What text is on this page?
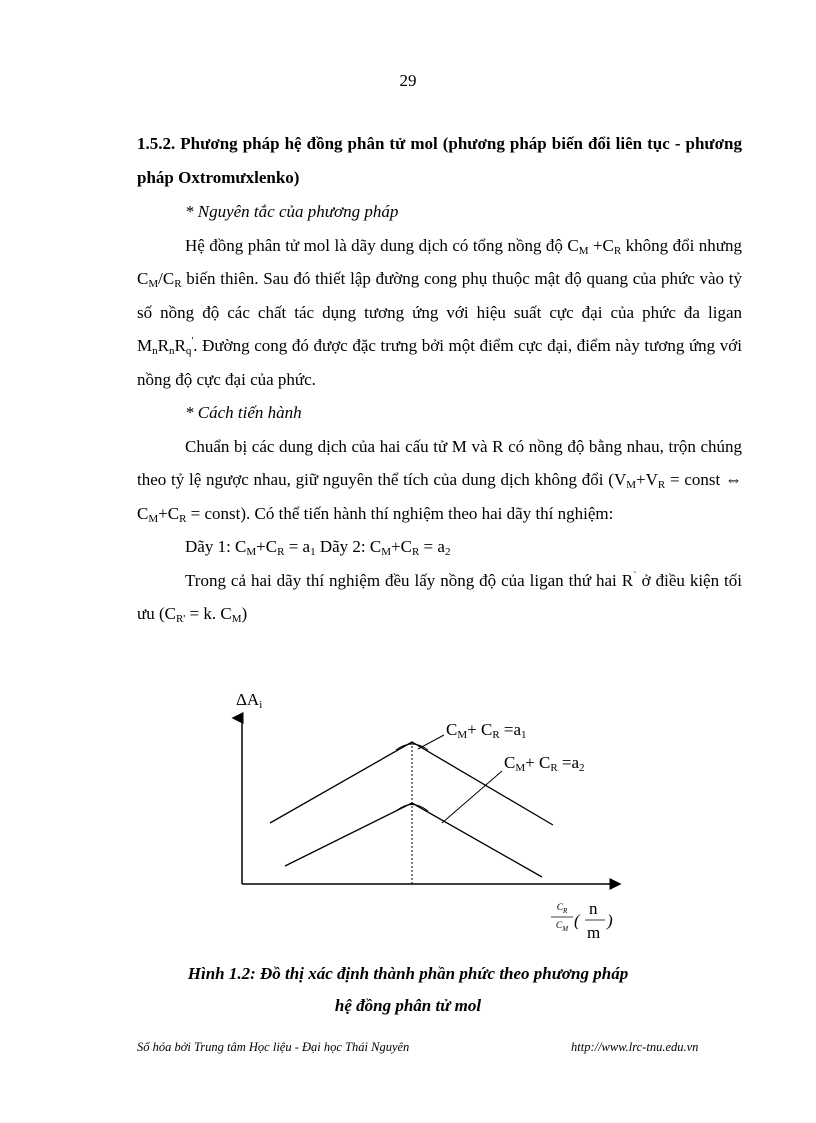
29
1.5.2. Phương pháp hệ đồng phân tử mol (phương pháp biến đổi liên tục - phương pháp Oxtromưxlenko)

* Nguyên tắc của phương pháp

Hệ đồng phân tử mol là dãy dung dịch có tổng nồng độ $C_M +C_R$ không đổi nhưng $C_M/C_R$ biến thiên. Sau đó thiết lập đường cong phụ thuộc mật độ quang của phức vào tỷ số nồng độ các chất tác dụng tương ứng với hiệu suất cực đại của phức đa ligan $M_nR_nR_q'$. Đường cong đó được đặc trưng bởi một điểm cực đại, điểm này tương ứng với nồng độ cực đại của phức.

* Cách tiến hành

Chuẩn bị các dung dịch của hai cấu tử M và R có nồng độ bằng nhau, trộn chúng theo tỷ lệ ngược nhau, giữ nguyên thể tích của dung dịch không đổi ($V_M+V_R$ = const ⇔ $C_M+C_R$ = const). Có thể tiến hành thí nghiệm theo hai dãy thí nghiệm:

Dãy 1: $C_M+C_R = a_1$ Dãy 2: $C_M+C_R = a_2$

Trong cả hai dãy thí nghiệm đều lấy nồng độ của ligan thứ hai R` ở điều kiện tối ưu ($C_{R'} = k$. $C_M$)

$\Delta A_i$
$C_M+ C_R =a_1$
$C_M+ C_R =a_2$
$C_R$
$C_M$ (
n
m
)
Hình 1.2: Đồ thị xác định thành phần phức theo phương pháp
hệ đồng phân tử mol
Số hóa bởi Trung tâm Học liệu - Đại học Thái Nguyên	http://www.lrc-tnu.edu.vn
